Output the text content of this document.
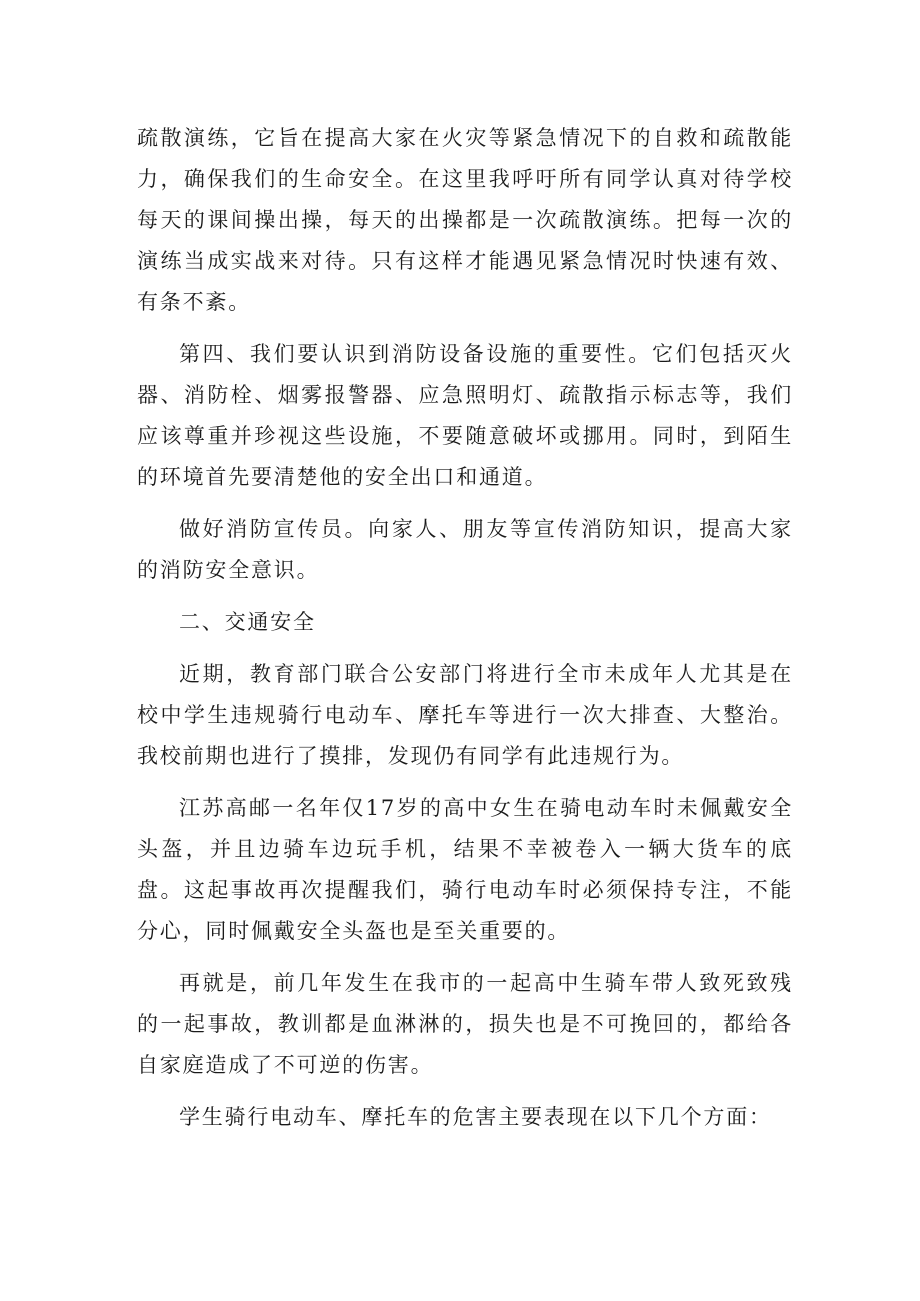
疏散演练，它旨在提高大家在火灾等紧急情况下的自救和疏散能力，确保我们的生命安全。在这里我呼吁所有同学认真对待学校每天的课间操出操，每天的出操都是一次疏散演练。把每一次的演练当成实战来对待。只有这样才能遇见紧急情况时快速有效、有条不紊。

第四、我们要认识到消防设备设施的重要性。它们包括灭火器、消防栓、烟雾报警器、应急照明灯、疏散指示标志等，我们应该尊重并珍视这些设施，不要随意破坏或挪用。同时，到陌生的环境首先要清楚他的安全出口和通道。

做好消防宣传员。向家人、朋友等宣传消防知识，提高大家的消防安全意识。

二、交通安全

近期，教育部门联合公安部门将进行全市未成年人尤其是在校中学生违规骑行电动车、摩托车等进行一次大排查、大整治。我校前期也进行了摸排，发现仍有同学有此违规行为。

江苏高邮一名年仅17岁的高中女生在骑电动车时未佩戴安全头盔，并且边骑车边玩手机，结果不幸被卷入一辆大货车的底盘。这起事故再次提醒我们，骑行电动车时必须保持专注，不能分心，同时佩戴安全头盔也是至关重要的。

再就是，前几年发生在我市的一起高中生骑车带人致死致残的一起事故，教训都是血淋淋的，损失也是不可挽回的，都给各自家庭造成了不可逆的伤害。

学生骑行电动车、摩托车的危害主要表现在以下几个方面：
